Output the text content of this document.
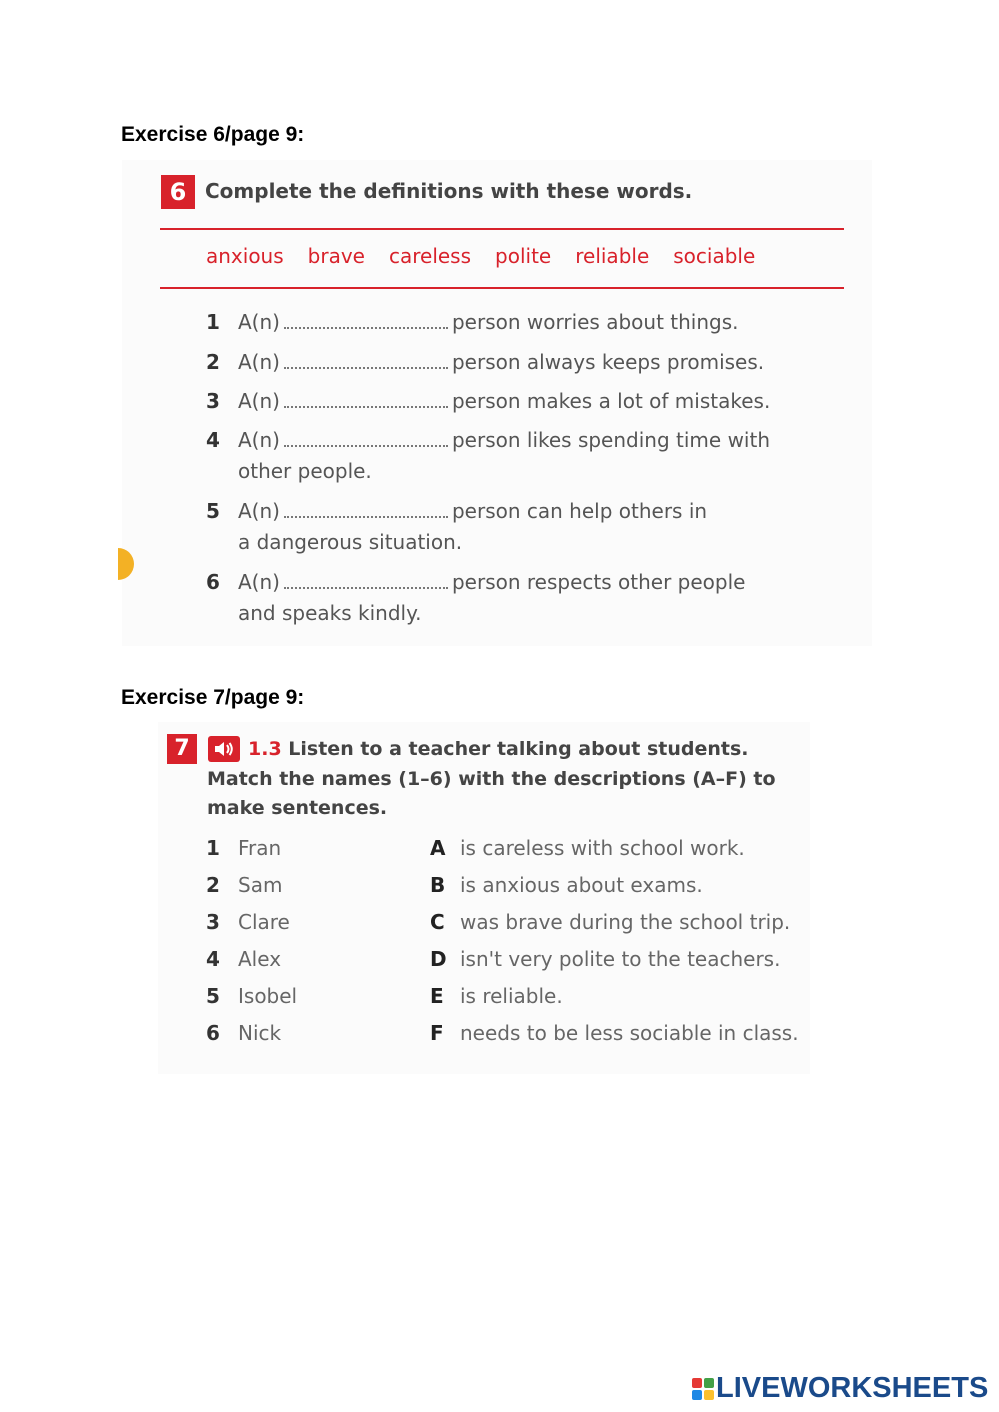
Exercise 6/page 9:
6 Complete the definitions with these words.
anxious brave careless polite reliable sociable
1 A(n)	person worries about things.
2 A(n)	person always keeps promises.
3 A(n)	person makes a lot of mistakes.
4 A(n)	person likes spending time with
other people.
5 A(n)	person can help others in
a dangerous situation.
6 A(n)	person respects other people
and speaks kindly.
Exercise 7/page 9:
7	1.3 Listen to a teacher talking about students.
Match the names (1–6) with the descriptions (A–F) to
make sentences.
1 Fran	A is careless with school work.
2 Sam	B is anxious about exams.
3 Clare	C was brave during the school trip.
4 Alex	D isn't very polite to the teachers.
5 Isobel	E is reliable.
6 Nick	F needs to be less sociable in class.
LIVEWORKSHEETS
